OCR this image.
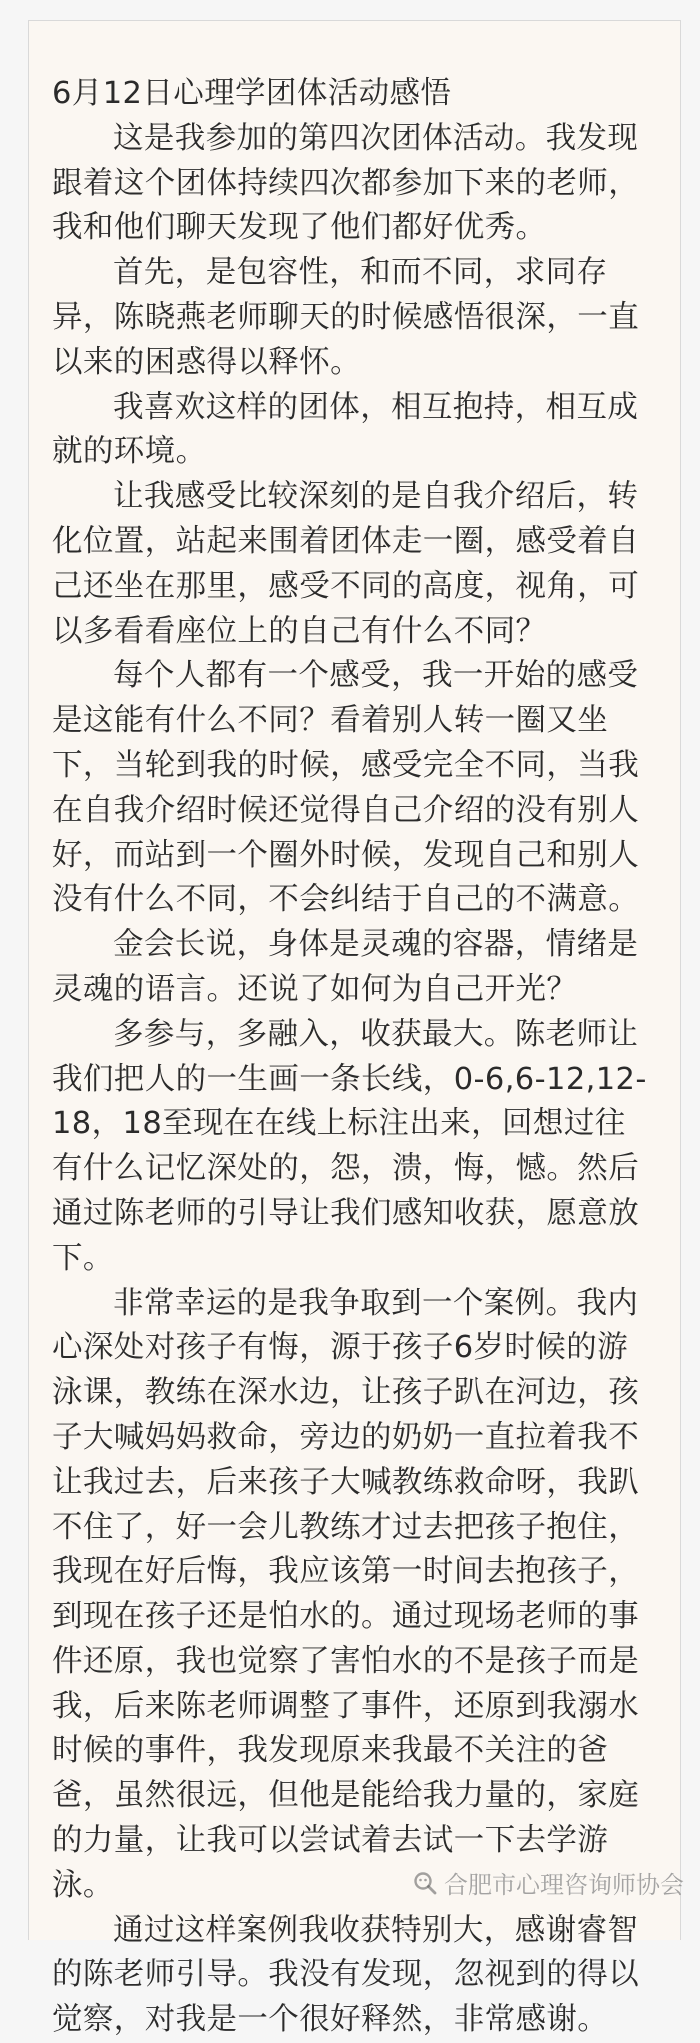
6月12日心理学团体活动感悟

这是我参加的第四次团体活动。我发现跟着这个团体持续四次都参加下来的老师，我和他们聊天发现了他们都好优秀。

首先，是包容性，和而不同，求同存异，陈晓燕老师聊天的时候感悟很深，一直以来的困惑得以释怀。

我喜欢这样的团体，相互抱持，相互成就的环境。

让我感受比较深刻的是自我介绍后，转化位置，站起来围着团体走一圈，感受着自己还坐在那里，感受不同的高度，视角，可以多看看座位上的自己有什么不同？

每个人都有一个感受，我一开始的感受是这能有什么不同？看着别人转一圈又坐下，当轮到我的时候，感受完全不同，当我在自我介绍时候还觉得自己介绍的没有别人好，而站到一个圈外时候，发现自己和别人没有什么不同，不会纠结于自己的不满意。

金会长说，身体是灵魂的容器，情绪是灵魂的语言。还说了如何为自己开光？

多参与，多融入，收获最大。陈老师让我们把人的一生画一条长线，0-6,6-12,12-18，18至现在在线上标注出来，回想过往有什么记忆深处的，怨，溃，悔，憾。然后通过陈老师的引导让我们感知收获，愿意放下。

非常幸运的是我争取到一个案例。我内心深处对孩子有悔，源于孩子6岁时候的游泳课，教练在深水边，让孩子趴在河边，孩子大喊妈妈救命，旁边的奶奶一直拉着我不让我过去，后来孩子大喊教练救命呀，我趴不住了，好一会儿教练才过去把孩子抱住，我现在好后悔，我应该第一时间去抱孩子，到现在孩子还是怕水的。通过现场老师的事件还原，我也觉察了害怕水的不是孩子而是我，后来陈老师调整了事件，还原到我溺水时候的事件，我发现原来我最不关注的爸爸，虽然很远，但他是能给我力量的，家庭的力量，让我可以尝试着去试一下去学游泳。

通过这样案例我收获特别大，感谢睿智的陈老师引导。我没有发现，忽视到的得以觉察，对我是一个很好释然，非常感谢。

合肥市心理咨询师协会
